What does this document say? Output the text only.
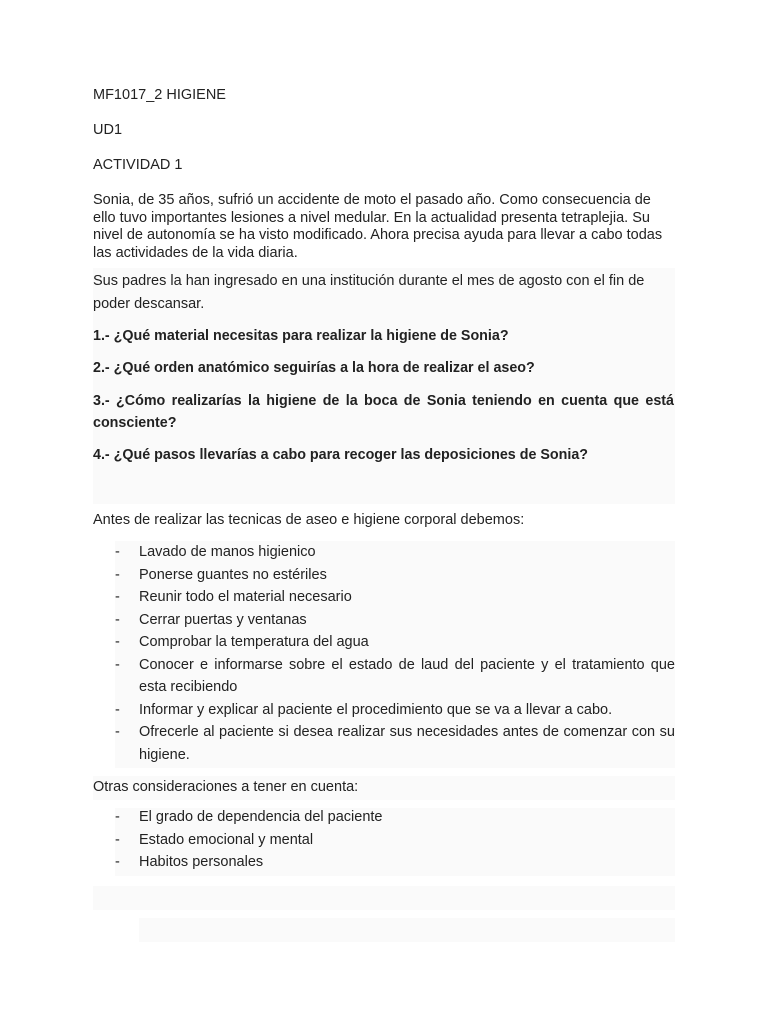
MF1017_2 HIGIENE

UD1

ACTIVIDAD 1

Sonia, de 35 años, sufrió un accidente de moto el pasado año. Como consecuencia de ello tuvo importantes lesiones a nivel medular. En la actualidad presenta tetraplejia. Su nivel de autonomía se ha visto modificado. Ahora precisa ayuda para llevar a cabo todas las actividades de la vida diaria.

Sus padres la han ingresado en una institución durante el mes de agosto con el fin de poder descansar.

1.- ¿Qué material necesitas para realizar la higiene de Sonia?

2.- ¿Qué orden anatómico seguirías a la hora de realizar el aseo?

3.- ¿Cómo realizarías la higiene de la boca de Sonia teniendo en cuenta que está consciente?

4.- ¿Qué pasos llevarías a cabo para recoger las deposiciones de Sonia?

Antes de realizar las tecnicas de aseo e higiene corporal debemos:

- Lavado de manos higienico
- Ponerse guantes no estériles
- Reunir todo el material necesario
- Cerrar puertas y ventanas
- Comprobar la temperatura del agua
- Conocer e informarse sobre el estado de laud del paciente y el tratamiento que esta recibiendo
- Informar y explicar al paciente el procedimiento que se va a llevar a cabo.
- Ofrecerle al paciente si desea realizar sus necesidades antes de comenzar con su higiene.

Otras consideraciones a tener en cuenta:

- El grado de dependencia del paciente
- Estado emocional y mental
- Habitos personales
